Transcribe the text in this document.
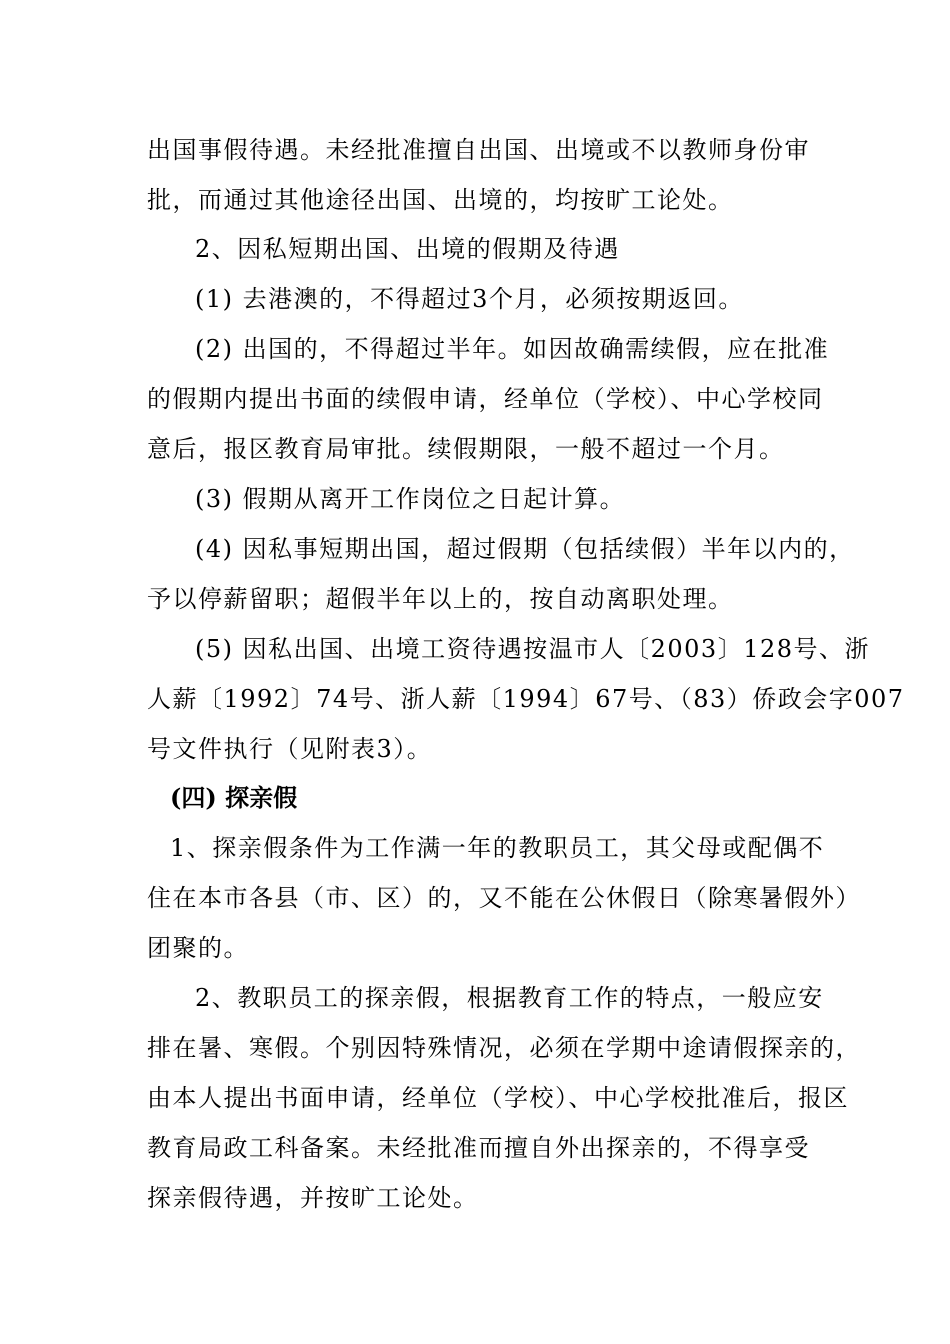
出国事假待遇。未经批准擅自出国、出境或不以教师身份审
批，而通过其他途径出国、出境的，均按旷工论处。
2、因私短期出国、出境的假期及待遇
(1) 去港澳的，不得超过3个月，必须按期返回。
(2) 出国的，不得超过半年。如因故确需续假，应在批准
的假期内提出书面的续假申请，经单位（学校）、中心学校同
意后，报区教育局审批。续假期限，一般不超过一个月。
(3) 假期从离开工作岗位之日起计算。
(4) 因私事短期出国，超过假期（包括续假）半年以内的，
予以停薪留职；超假半年以上的，按自动离职处理。
(5) 因私出国、出境工资待遇按温市人〔2003〕128号、浙
人薪〔1992〕74号、浙人薪〔1994〕67号、（83）侨政会字007
号文件执行（见附表3）。
(四) 探亲假
1、探亲假条件为工作满一年的教职员工，其父母或配偶不
住在本市各县（市、区）的，又不能在公休假日（除寒暑假外）
团聚的。
2、教职员工的探亲假，根据教育工作的特点，一般应安
排在暑、寒假。个别因特殊情况，必须在学期中途请假探亲的，
由本人提出书面申请，经单位（学校）、中心学校批准后，报区
教育局政工科备案。未经批准而擅自外出探亲的，不得享受
探亲假待遇，并按旷工论处。
